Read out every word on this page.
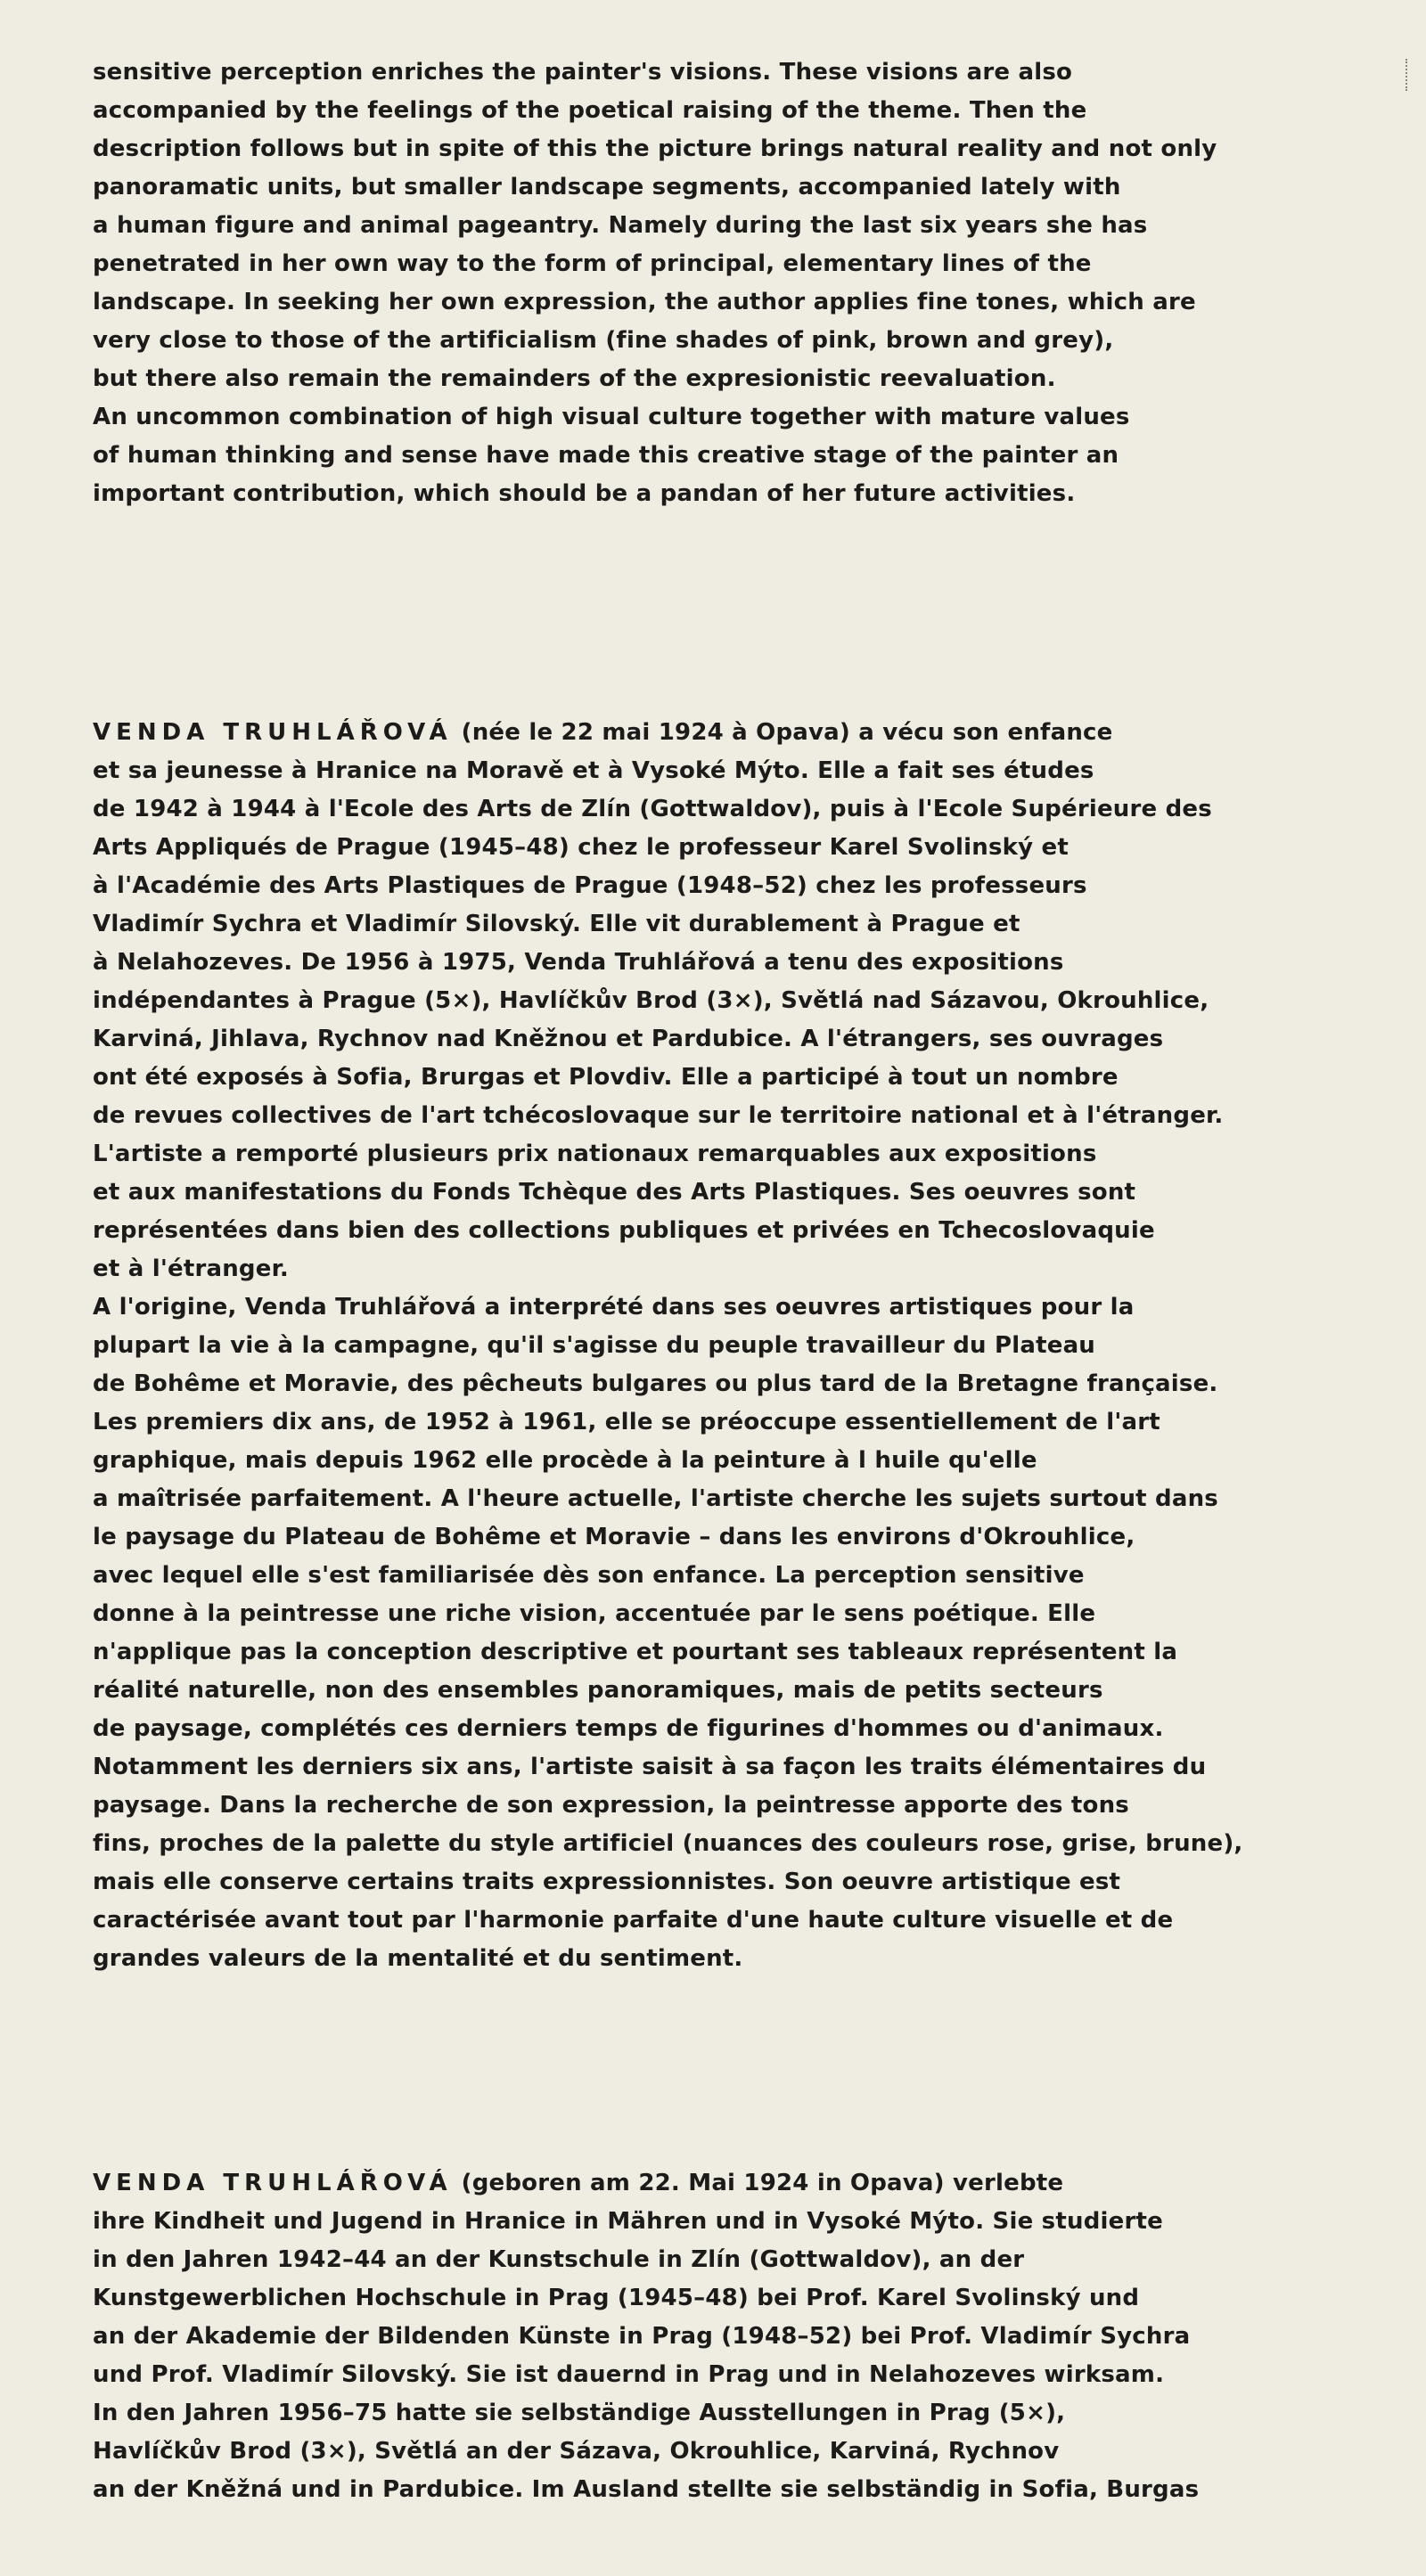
sensitive perception enriches the painter's visions. These visions are also
accompanied by the feelings of the poetical raising of the theme. Then the
description follows but in spite of this the picture brings natural reality and not only
panoramatic units, but smaller landscape segments, accompanied lately with
a human figure and animal pageantry. Namely during the last six years she has
penetrated in her own way to the form of principal, elementary lines of the
landscape. In seeking her own expression, the author applies fine tones, which are
very close to those of the artificialism (fine shades of pink, brown and grey),
but there also remain the remainders of the expresionistic reevaluation.
An uncommon combination of high visual culture together with mature values
of human thinking and sense have made this creative stage of the painter an
important contribution, which should be a pandan of her future activities.
VENDA TRUHLÁŘOVÁ (née le 22 mai 1924 à Opava) a vécu son enfance
et sa jeunesse à Hranice na Moravě et à Vysoké Mýto. Elle a fait ses études
de 1942 à 1944 à l'Ecole des Arts de Zlín (Gottwaldov), puis à l'Ecole Supérieure des
Arts Appliqués de Prague (1945–48) chez le professeur Karel Svolinský et
à l'Académie des Arts Plastiques de Prague (1948–52) chez les professeurs
Vladimír Sychra et Vladimír Silovský. Elle vit durablement à Prague et
à Nelahozeves. De 1956 à 1975, Venda Truhlářová a tenu des expositions
indépendantes à Prague (5×), Havlíčkův Brod (3×), Světlá nad Sázavou, Okrouhlice,
Karviná, Jihlava, Rychnov nad Kněžnou et Pardubice. A l'étrangers, ses ouvrages
ont été exposés à Sofia, Brurgas et Plovdiv. Elle a participé à tout un nombre
de revues collectives de l'art tchécoslovaque sur le territoire national et à l'étranger.
L'artiste a remporté plusieurs prix nationaux remarquables aux expositions
et aux manifestations du Fonds Tchèque des Arts Plastiques. Ses oeuvres sont
représentées dans bien des collections publiques et privées en Tchecoslovaquie
et à l'étranger.
A l'origine, Venda Truhlářová a interprété dans ses oeuvres artistiques pour la
plupart la vie à la campagne, qu'il s'agisse du peuple travailleur du Plateau
de Bohême et Moravie, des pêcheuts bulgares ou plus tard de la Bretagne française.
Les premiers dix ans, de 1952 à 1961, elle se préoccupe essentiellement de l'art
graphique, mais depuis 1962 elle procède à la peinture à l huile qu'elle
a maîtrisée parfaitement. A l'heure actuelle, l'artiste cherche les sujets surtout dans
le paysage du Plateau de Bohême et Moravie – dans les environs d'Okrouhlice,
avec lequel elle s'est familiarisée dès son enfance. La perception sensitive
donne à la peintresse une riche vision, accentuée par le sens poétique. Elle
n'applique pas la conception descriptive et pourtant ses tableaux représentent la
réalité naturelle, non des ensembles panoramiques, mais de petits secteurs
de paysage, complétés ces derniers temps de figurines d'hommes ou d'animaux.
Notamment les derniers six ans, l'artiste saisit à sa façon les traits élémentaires du
paysage. Dans la recherche de son expression, la peintresse apporte des tons
fins, proches de la palette du style artificiel (nuances des couleurs rose, grise, brune),
mais elle conserve certains traits expressionnistes. Son oeuvre artistique est
caractérisée avant tout par l'harmonie parfaite d'une haute culture visuelle et de
grandes valeurs de la mentalité et du sentiment.
VENDA TRUHLÁŘOVÁ (geboren am 22. Mai 1924 in Opava) verlebte
ihre Kindheit und Jugend in Hranice in Mähren und in Vysoké Mýto. Sie studierte
in den Jahren 1942–44 an der Kunstschule in Zlín (Gottwaldov), an der
Kunstgewerblichen Hochschule in Prag (1945–48) bei Prof. Karel Svolinský und
an der Akademie der Bildenden Künste in Prag (1948–52) bei Prof. Vladimír Sychra
und Prof. Vladimír Silovský. Sie ist dauernd in Prag und in Nelahozeves wirksam.
In den Jahren 1956–75 hatte sie selbständige Ausstellungen in Prag (5×),
Havlíčkův Brod (3×), Světlá an der Sázava, Okrouhlice, Karviná, Rychnov
an der Kněžná und in Pardubice. Im Ausland stellte sie selbständig in Sofia, Burgas
